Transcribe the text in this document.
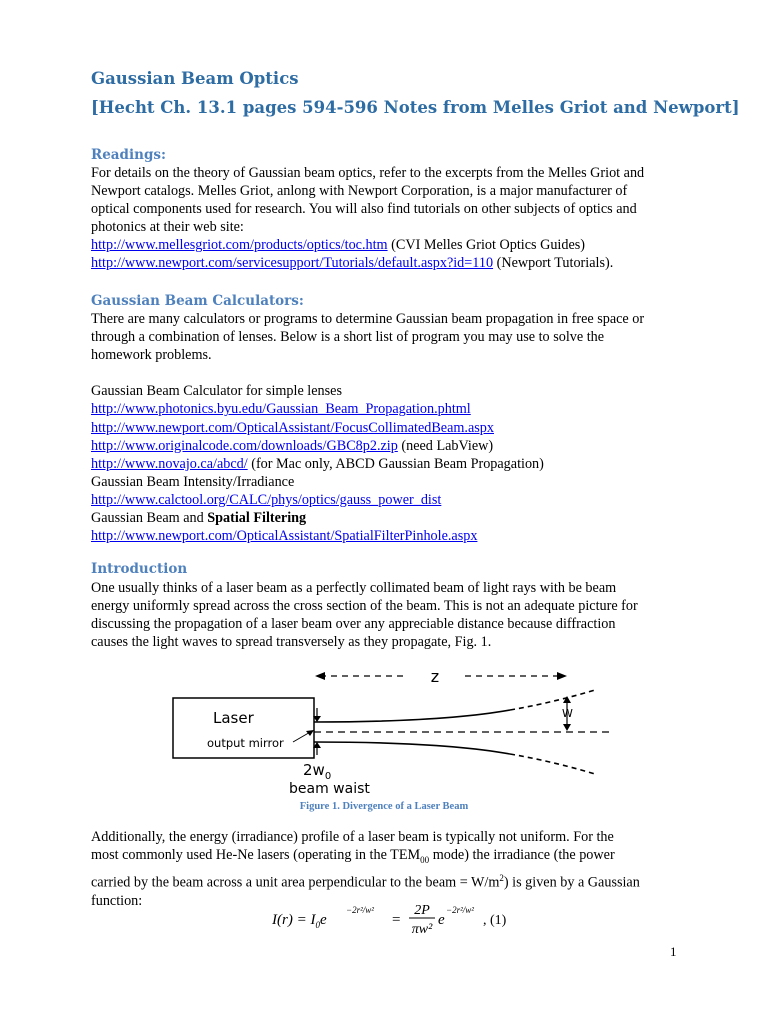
Gaussian Beam Optics
[Hecht Ch. 13.1 pages 594-596 Notes from Melles Griot and Newport]
Readings:
For details on the theory of Gaussian beam optics, refer to the excerpts from the Melles Griot and
Newport catalogs. Melles Griot, anlong with Newport Corporation, is a major manufacturer of
optical components used for research. You will also find tutorials on other subjects of optics and
photonics at their web site:
http://www.mellesgriot.com/products/optics/toc.htm (CVI Melles Griot Optics Guides)
http://www.newport.com/servicesupport/Tutorials/default.aspx?id=110 (Newport Tutorials).
Gaussian Beam Calculators:
There are many calculators or programs to determine Gaussian beam propagation in free space or
through a combination of lenses. Below is a short list of program you may use to solve the
homework problems.
Gaussian Beam Calculator for simple lenses
http://www.photonics.byu.edu/Gaussian_Beam_Propagation.phtml
http://www.newport.com/OpticalAssistant/FocusCollimatedBeam.aspx
http://www.originalcode.com/downloads/GBC8p2.zip (need LabView)
http://www.novajo.ca/abcd/ (for Mac only, ABCD Gaussian Beam Propagation)
Gaussian Beam Intensity/Irradiance
http://www.calctool.org/CALC/phys/optics/gauss_power_dist
Gaussian Beam and Spatial Filtering
http://www.newport.com/OpticalAssistant/SpatialFilterPinhole.aspx
Introduction
One usually thinks of a laser beam as a perfectly collimated beam of light rays with be beam
energy uniformly spread across the cross section of the beam. This is not an adequate picture for
discussing the propagation of a laser beam over any appreciable distance because diffraction
causes the light waves to spread transversely as they propagate, Fig. 1.
z
Laser
output mirror
W
$2w_0$
beam waist
Figure 1. Divergence of a Laser Beam
Additionally, the energy (irradiance) profile of a laser beam is typically not uniform. For the
most commonly used He-Ne lasers (operating in the $TEM_{00}$ mode) the irradiance (the power
carried by the beam across a unit area perpendicular to the beam = $W/m^2$) is given by a Gaussian
function:
$I(r) = I_0e$
−2r²/w²
=
2P
πw²
e
−2r²/w²
, (1)
1
